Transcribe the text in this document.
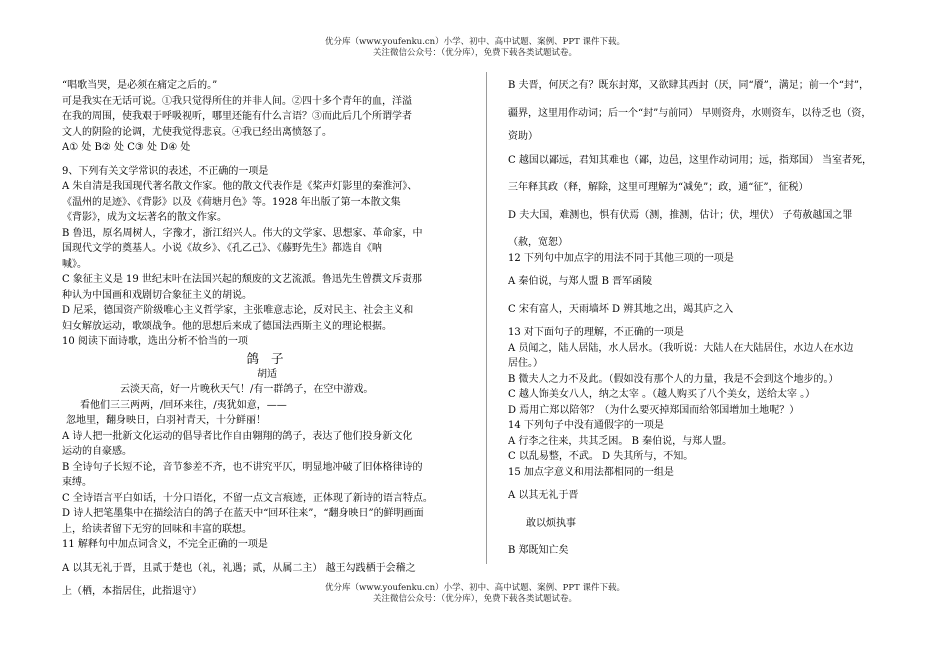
优分库（www.youfenku.cn）小学、初中、高中试题、案例、PPT 课件下载。
关注微信公众号：（优分库），免费下载各类试题试卷。
“唱歌当哭，是必须在痛定之后的。”
可是我实在无话可说。①我只觉得所住的并非人间。②四十多个青年的血，洋溢
在我的周围，使我艰于呼吸视听，哪里还能有什么言语？③而此后几个所谓学者
文人的阴险的论调，尤使我觉得悲哀。④我已经出离愤怒了。
A① 处 B② 处 C③ 处 D④ 处
9、下列有关文学常识的表述，不正确的一项是
A 朱自清是我国现代著名散文作家。他的散文代表作是《桨声灯影里的秦淮河》、
《温州的足迹》、《背影》以及《荷塘月色》等。1928 年出版了第一本散文集
《背影》，成为文坛著名的散文作家。
B 鲁迅，原名周树人，字豫才，浙江绍兴人。伟大的文学家、思想家、革命家，中
国现代文学的奠基人。小说《故乡》、《孔乙己》、《藤野先生》都选自《呐
喊》。
C 象征主义是 19 世纪末叶在法国兴起的颓废的文艺流派。鲁迅先生曾撰文斥责那
种认为中国画和戏剧切合象征主义的胡说。
D 尼采，德国资产阶级唯心主义哲学家，主张唯意志论，反对民主、社会主义和
妇女解放运动，歌颂战争。他的思想后来成了德国法西斯主义的理论根据。
10 阅读下面诗歌，选出分析不恰当的一项
鸽 子
胡适
云淡天高，好一片晚秋天气！/有一群鸽子，在空中游戏。
看他们三三两两，/回环来往，/夷犹如意，——
忽地里，翻身映日，白羽衬青天，十分鲜丽！
A 诗人把一批新文化运动的倡导者比作自由翱翔的鸽子，表达了他们投身新文化
运动的自豪感。
B 全诗句子长短不论，音节参差不齐，也不讲究平仄，明显地冲破了旧体格律诗的
束缚。
C 全诗语言平白如话，十分口语化，不留一点文言痕迹，正体现了新诗的语言特点。
D 诗人把笔墨集中在描绘洁白的鸽子在蓝天中“回环往来”，“翻身映日”的鲜明画面
上，给读者留下无穷的回味和丰富的联想。
11 解释句中加点词含义，不完全正确的一项是
A 以其无礼于晋，且贰于楚也（礼，礼遇；贰，从属二主） 越王勾践栖于会稽之
上（栖，本指居住，此指退守）
B 夫晋，何厌之有？既东封郑，又欲肆其西封（厌，同“餍”，满足；前一个“封”，
疆界，这里用作动词；后一个“封”与前同） 早则资舟，水则资车，以待乏也（资，
资助）
C 越国以鄙远，君知其难也（鄙，边邑，这里作动词用；远，指郑国） 当室者死，
三年释其政（释，解除，这里可理解为“减免”；政，通“征”，征税）
D 夫大国，难测也，惧有伏焉（测，推测，估计；伏，埋伏） 子苟赦越国之罪
（赦，宽恕）
12 下列句中加点字的用法不同于其他三项的一项是
A 秦伯说，与郑人盟 B 晋军函陵
C 宋有富人，天雨墙坏 D 辨其地之出，竭其庐之入
13 对下面句子的理解，不正确的一项是
A 员闻之，陆人居陆，水人居水。（我听说：大陆人在大陆居住，水边人在水边
居住。）
B 微夫人之力不及此。（假如没有那个人的力量，我是不会到这个地步的。）
C 越人饰美女八人，纳之太宰 。（越人购买了八个美女，送给太宰 。）
D 焉用亡郑以陪邻？（为什么要灭掉郑国而给邻国增加土地呢？）
14 下列句子中没有通假字的一项是
A 行李之往来，共其乏困。 B 秦伯说，与郑人盟。
C 以乱易整，不武。 D 失其所与，不知。
15 加点字意义和用法都相同的一组是
A 以其无礼于晋
敢以烦执事
B 郑既知亡矣
优分库（www.youfenku.cn）小学、初中、高中试题、案例、PPT 课件下载。
关注微信公众号：（优分库），免费下载各类试题试卷。
